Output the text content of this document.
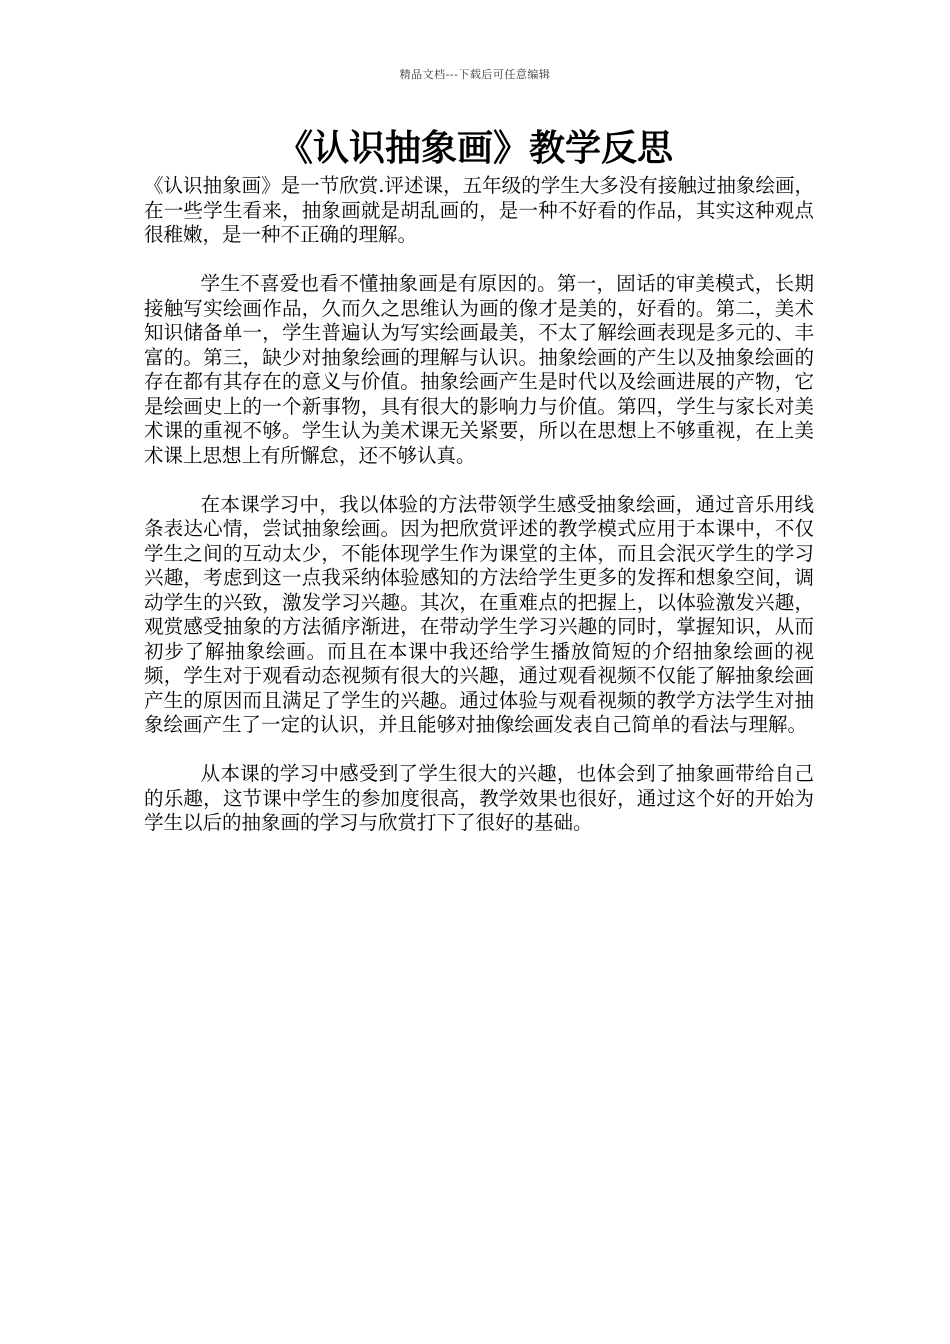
精品文档---下载后可任意编辑
《认识抽象画》教学反思

《认识抽象画》是一节欣赏.评述课，五年级的学生大多没有接触过抽象绘画，在一些学生看来，抽象画就是胡乱画的，是一种不好看的作品，其实这种观点很稚嫩，是一种不正确的理解。

学生不喜爱也看不懂抽象画是有原因的。第一，固话的审美模式，长期接触写实绘画作品，久而久之思维认为画的像才是美的，好看的。第二，美术知识储备单一，学生普遍认为写实绘画最美，不太了解绘画表现是多元的、丰富的。第三，缺少对抽象绘画的理解与认识。抽象绘画的产生以及抽象绘画的存在都有其存在的意义与价值。抽象绘画产生是时代以及绘画进展的产物，它是绘画史上的一个新事物，具有很大的影响力与价值。第四，学生与家长对美术课的重视不够。学生认为美术课无关紧要，所以在思想上不够重视，在上美术课上思想上有所懈怠，还不够认真。

在本课学习中，我以体验的方法带领学生感受抽象绘画，通过音乐用线条表达心情，尝试抽象绘画。因为把欣赏评述的教学模式应用于本课中，不仅学生之间的互动太少，不能体现学生作为课堂的主体，而且会泯灭学生的学习兴趣，考虑到这一点我采纳体验感知的方法给学生更多的发挥和想象空间，调动学生的兴致，激发学习兴趣。其次，在重难点的把握上，以体验激发兴趣，观赏感受抽象的方法循序渐进，在带动学生学习兴趣的同时，掌握知识，从而初步了解抽象绘画。而且在本课中我还给学生播放简短的介绍抽象绘画的视频，学生对于观看动态视频有很大的兴趣，通过观看视频不仅能了解抽象绘画产生的原因而且满足了学生的兴趣。通过体验与观看视频的教学方法学生对抽象绘画产生了一定的认识，并且能够对抽像绘画发表自己简单的看法与理解。

从本课的学习中感受到了学生很大的兴趣，也体会到了抽象画带给自己的乐趣，这节课中学生的参加度很高，教学效果也很好，通过这个好的开始为学生以后的抽象画的学习与欣赏打下了很好的基础。
